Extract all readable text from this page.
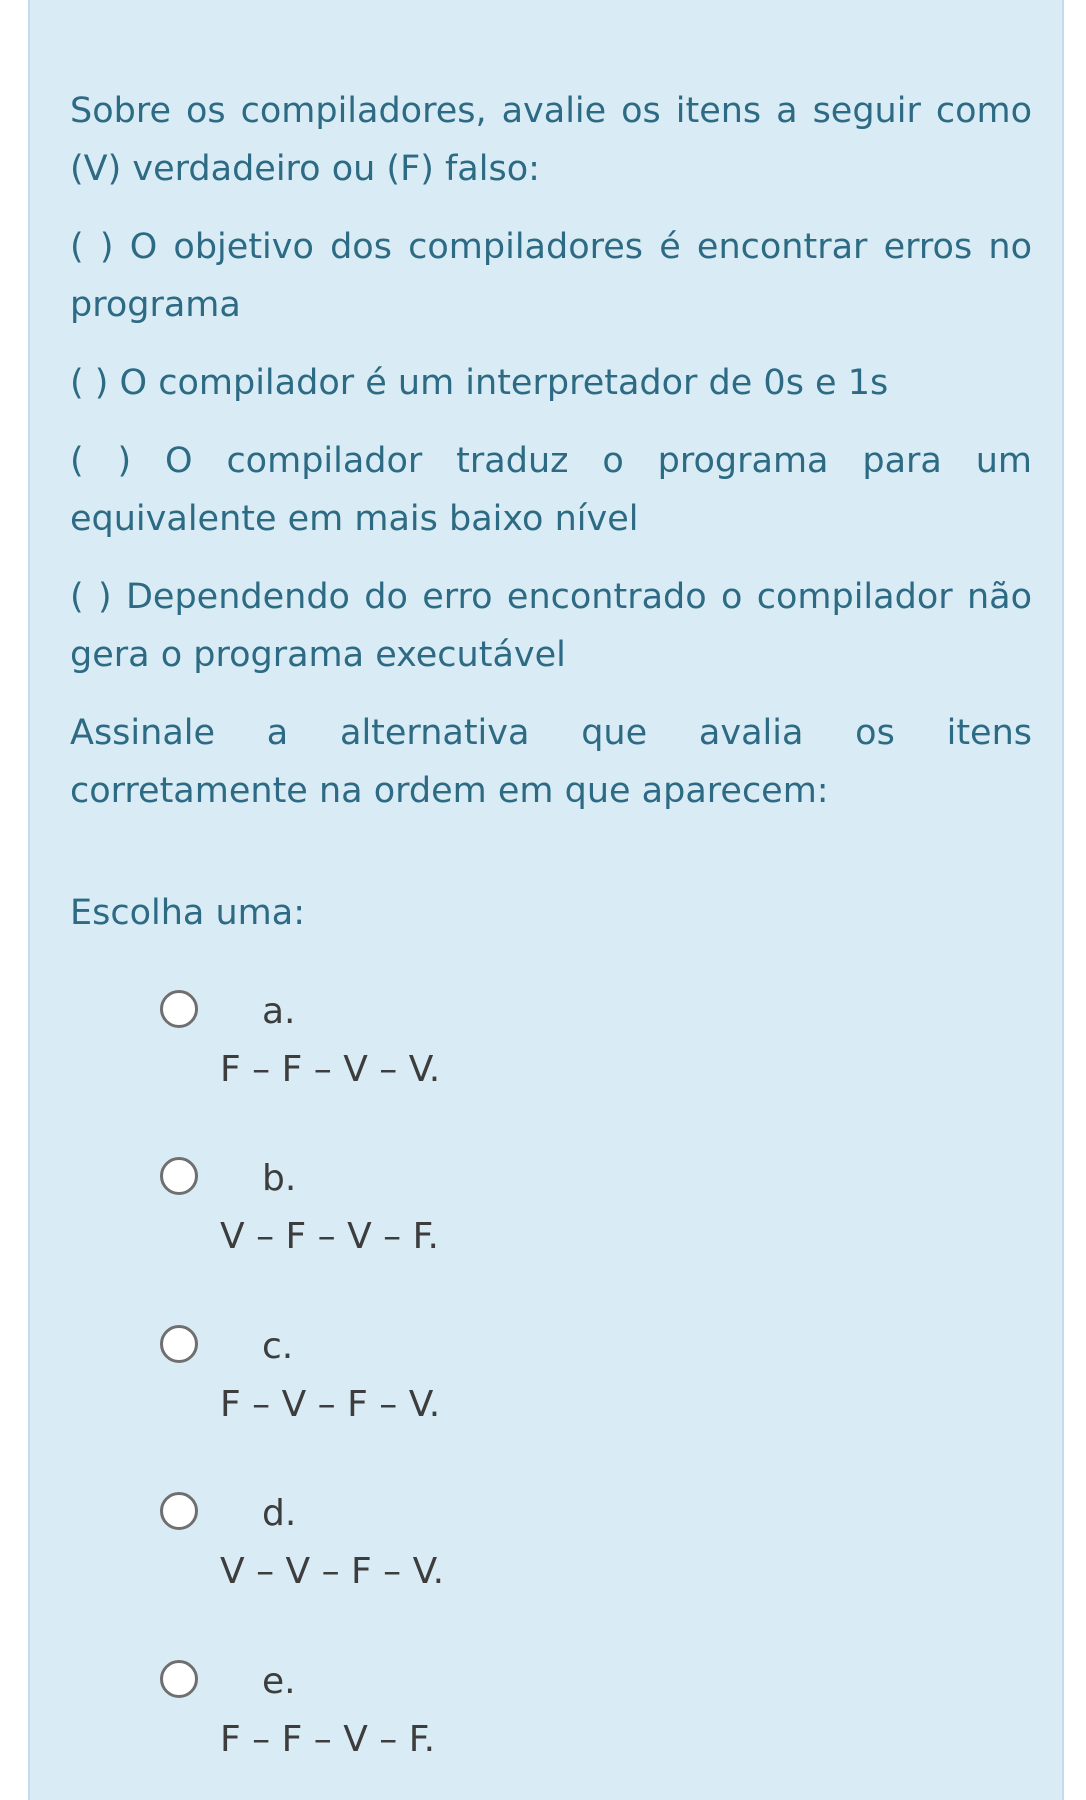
Sobre os compiladores, avalie os itens a seguir como (V) verdadeiro ou (F) falso:

( ) O objetivo dos compiladores é encontrar erros no programa

( ) O compilador é um interpretador de 0s e 1s

( ) O compilador traduz o programa para um equivalente em mais baixo nível

( ) Dependendo do erro encontrado o compilador não gera o programa executável

Assinale a alternativa que avalia os itens corretamente na ordem em que aparecem:

Escolha uma:
a.
F – F – V – V.
b.
V – F – V – F.
c.
F – V – F – V.
d.
V – V – F – V.
e.
F – F – V – F.
